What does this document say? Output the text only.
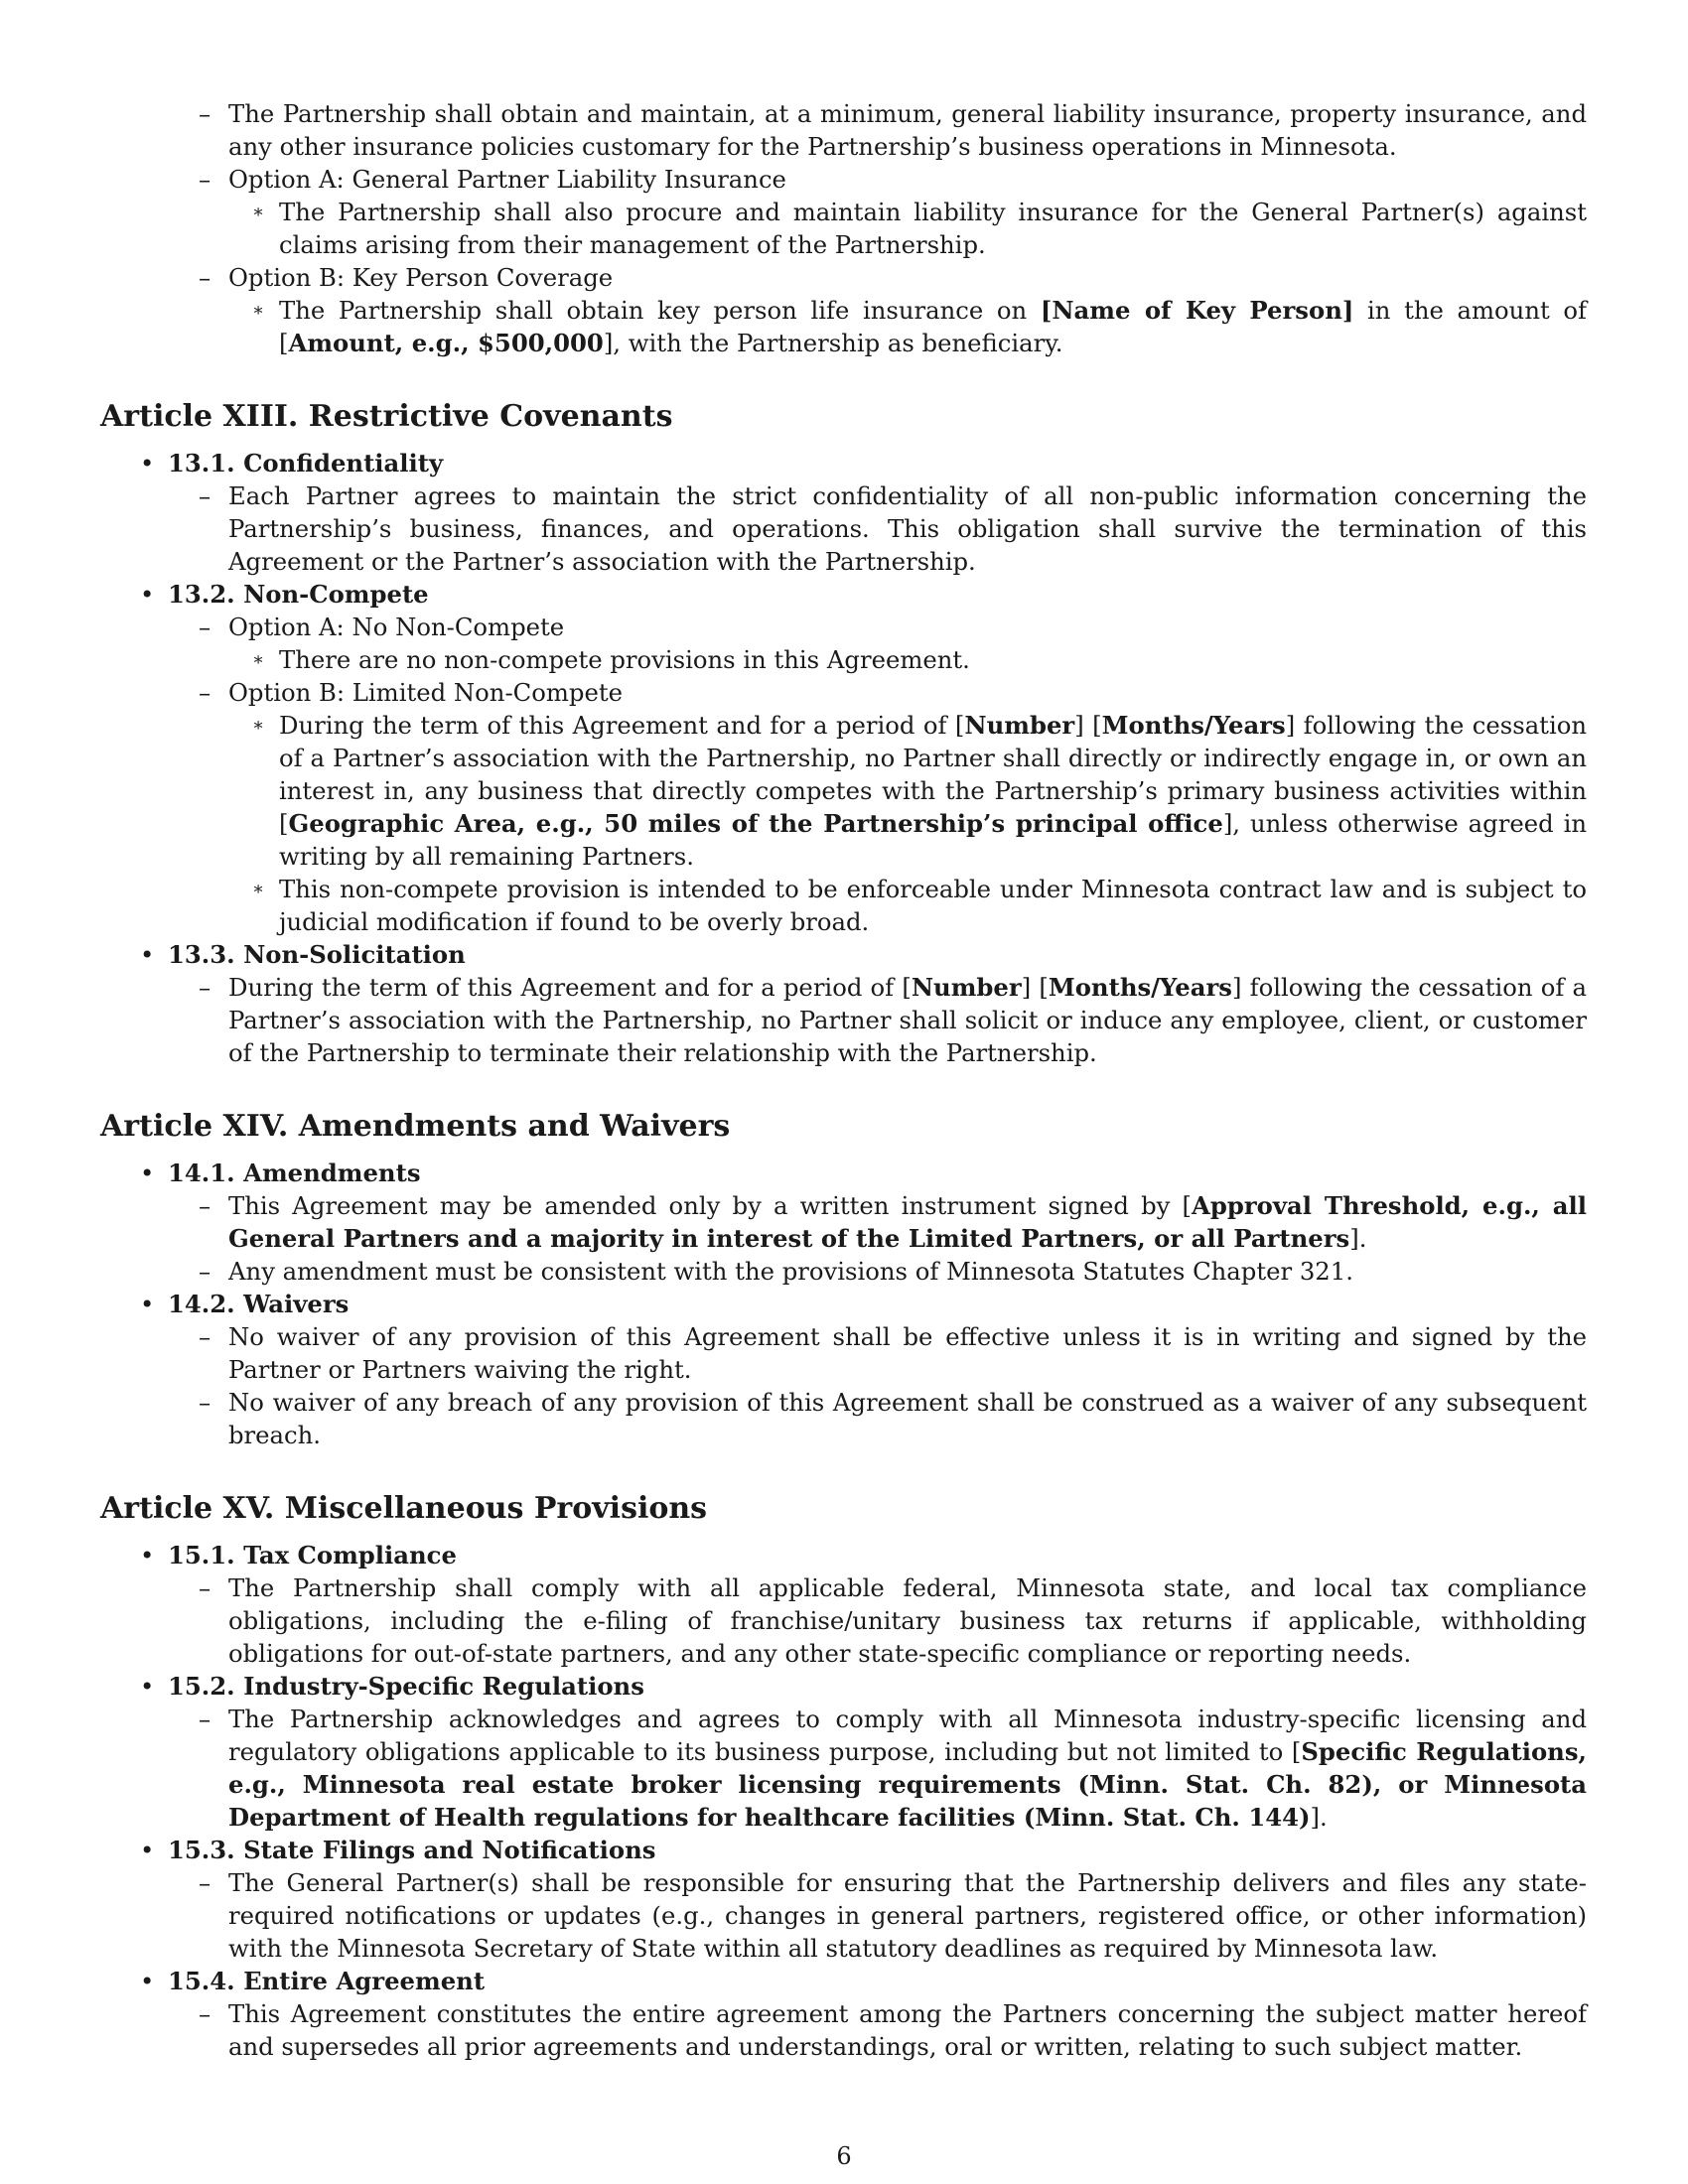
– The Partnership shall obtain and maintain, at a minimum, general liability insurance, property insurance, and any other insurance policies customary for the Partnership’s business operations in Minnesota.
– Option A: General Partner Liability Insurance
∗ The Partnership shall also procure and maintain liability insurance for the General Partner(s) against claims arising from their management of the Partnership.
– Option B: Key Person Coverage
∗ The Partnership shall obtain key person life insurance on [Name of Key Person] in the amount of [Amount, e.g., $500,000], with the Partnership as beneficiary.
Article XIII. Restrictive Covenants
• 13.1. Confidentiality
– Each Partner agrees to maintain the strict confidentiality of all non-public information concerning the Partnership’s business, finances, and operations. This obligation shall survive the termination of this Agreement or the Partner’s association with the Partnership.
• 13.2. Non-Compete
– Option A: No Non-Compete
∗ There are no non-compete provisions in this Agreement.
– Option B: Limited Non-Compete
∗ During the term of this Agreement and for a period of [Number] [Months/Years] following the cessation of a Partner’s association with the Partnership, no Partner shall directly or indirectly engage in, or own an interest in, any business that directly competes with the Partnership’s primary business activities within [Geographic Area, e.g., 50 miles of the Partnership’s principal office], unless otherwise agreed in writing by all remaining Partners.
∗ This non-compete provision is intended to be enforceable under Minnesota contract law and is subject to judicial modification if found to be overly broad.
• 13.3. Non-Solicitation
– During the term of this Agreement and for a period of [Number] [Months/Years] following the cessation of a Partner’s association with the Partnership, no Partner shall solicit or induce any employee, client, or customer of the Partnership to terminate their relationship with the Partnership.
Article XIV. Amendments and Waivers
• 14.1. Amendments
– This Agreement may be amended only by a written instrument signed by [Approval Threshold, e.g., all General Partners and a majority in interest of the Limited Partners, or all Partners].
– Any amendment must be consistent with the provisions of Minnesota Statutes Chapter 321.
• 14.2. Waivers
– No waiver of any provision of this Agreement shall be effective unless it is in writing and signed by the Partner or Partners waiving the right.
– No waiver of any breach of any provision of this Agreement shall be construed as a waiver of any subsequent breach.
Article XV. Miscellaneous Provisions
• 15.1. Tax Compliance
– The Partnership shall comply with all applicable federal, Minnesota state, and local tax compliance obligations, including the e-filing of franchise/unitary business tax returns if applicable, withholding obligations for out-of-state partners, and any other state-specific compliance or reporting needs.
• 15.2. Industry-Specific Regulations
– The Partnership acknowledges and agrees to comply with all Minnesota industry-specific licensing and regulatory obligations applicable to its business purpose, including but not limited to [Specific Regulations, e.g., Minnesota real estate broker licensing requirements (Minn. Stat. Ch. 82), or Minnesota Department of Health regulations for healthcare facilities (Minn. Stat. Ch. 144)].
• 15.3. State Filings and Notifications
– The General Partner(s) shall be responsible for ensuring that the Partnership delivers and files any state-required notifications or updates (e.g., changes in general partners, registered office, or other information) with the Minnesota Secretary of State within all statutory deadlines as required by Minnesota law.
• 15.4. Entire Agreement
– This Agreement constitutes the entire agreement among the Partners concerning the subject matter hereof and supersedes all prior agreements and understandings, oral or written, relating to such subject matter.
6
